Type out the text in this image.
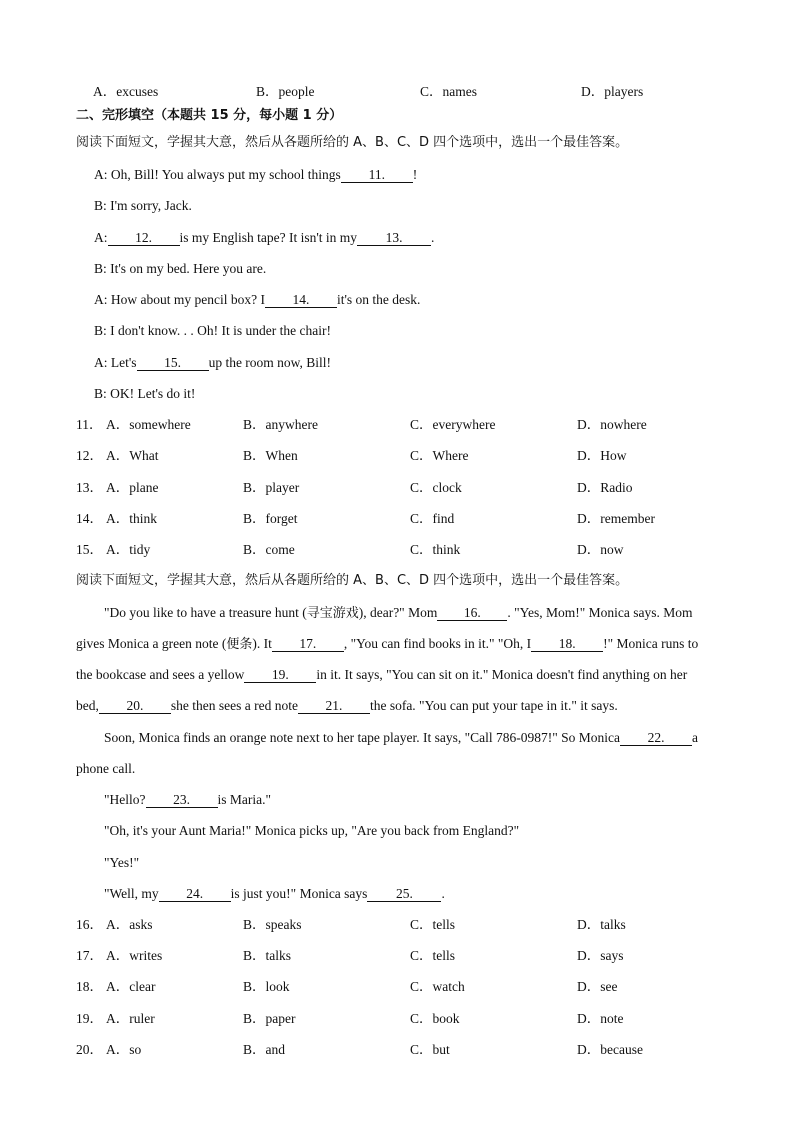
A．excuses	B．people	C．names	D．players
二、完形填空（本题共 15 分，每小题 1 分）
阅读下面短文，学握其大意，然后从各题所给的 A、B、C、D 四个选项中，选出一个最佳答案。
A: Oh, Bill! You always put my school things 11. !
B: I'm sorry, Jack.
A: 12. is my English tape? It isn't in my 13. .
B: It's on my bed. Here you are.
A: How about my pencil box? I 14. it's on the desk.
B: I don't know. . . Oh! It is under the chair!
A: Let's 15. up the room now, Bill!
B: OK! Let's do it!
11． A．somewhere	B．anywhere	C．everywhere	D．nowhere
12． A．What	B．When	C．Where	D．How
13． A．plane	B．player	C．clock	D．Radio
14． A．think	B．forget	C．find	D．remember
15． A．tidy	B．come	C．think	D．now
阅读下面短文，学握其大意，然后从各题所给的 A、B、C、D 四个选项中，选出一个最佳答案。
"Do you like to have a treasure hunt (寻宝游戏), dear?" Mom 16. . "Yes, Mom!" Monica says. Mom
gives Monica a green note (便条). It 17. , "You can find books in it." "Oh, I 18. !" Monica runs to
the bookcase and sees a yellow 19. in it. It says, "You can sit on it." Monica doesn't find anything on her
bed, 20. she then sees a red note 21. the sofa. "You can put your tape in it." it says.
Soon, Monica finds an orange note next to her tape player. It says, "Call 786-0987!" So Monica 22. a
phone call.
"Hello? 23. is Maria."
"Oh, it's your Aunt Maria!" Monica picks up, "Are you back from England?"
"Yes!"
"Well, my 24. is just you!" Monica says 25. .
16． A．asks	B．speaks	C．tells	D．talks
17． A．writes	B．talks	C．tells	D．says
18． A．clear	B．look	C．watch	D．see
19． A．ruler	B．paper	C．book	D．note
20． A．so	B．and	C．but	D．because
